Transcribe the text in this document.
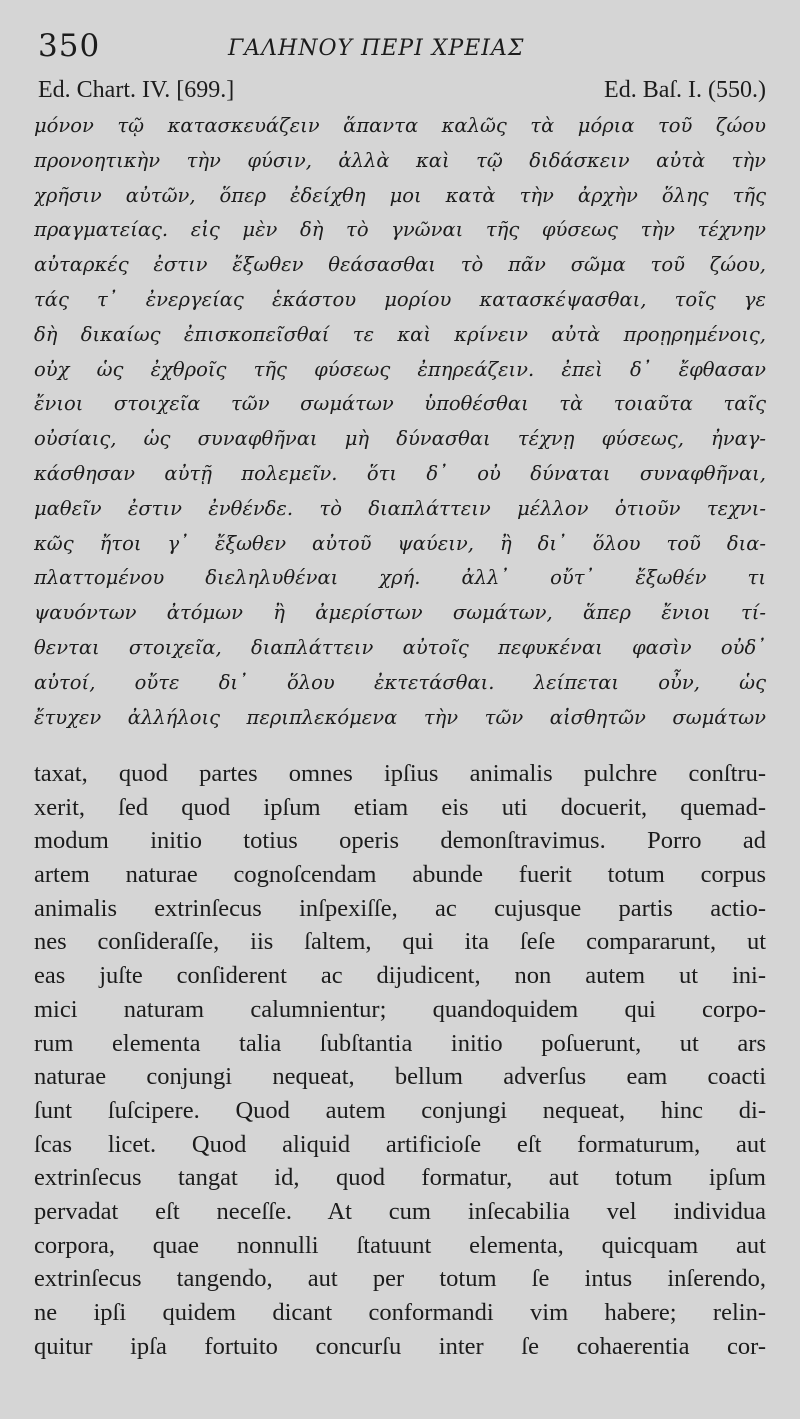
350	ΓΑΛΗΝΟΥ ΠΕΡΙ ΧΡΕΙΑΣ
Ed. Chart. IV. [699.]	Ed. Baſ. I. (550.)
μόνον τῷ κατασκευάζειν ἅπαντα καλῶς τὰ μόρια τοῦ ζώου
προνοητικὴν τὴν φύσιν, ἀλλὰ καὶ τῷ διδάσκειν αὐτὰ τὴν
χρῆσιν αὐτῶν, ὅπερ ἐδείχθη μοι κατὰ τὴν ἀρχὴν ὅλης τῆς
πραγματείας. εἰς μὲν δὴ τὸ γνῶναι τῆς φύσεως τὴν τέχνην
αὐταρκές ἐστιν ἔξωθεν θεάσασθαι τὸ πᾶν σῶμα τοῦ ζώου,
τάς τ᾽ ἐνεργείας ἑκάστου μορίου κατασκέψασθαι, τοῖς γε
δὴ δικαίως ἐπισκοπεῖσθαί τε καὶ κρίνειν αὐτὰ προῃρημένοις,
οὐχ ὡς ἐχθροῖς τῆς φύσεως ἐπηρεάζειν. ἐπεὶ δ᾽ ἔφθασαν
ἔνιοι στοιχεῖα τῶν σωμάτων ὑποθέσθαι τὰ τοιαῦτα ταῖς
οὐσίαις, ὡς συναφθῆναι μὴ δύνασθαι τέχνῃ φύσεως, ἠναγ-
κάσθησαν αὐτῇ πολεμεῖν. ὅτι δ᾽ οὐ δύναται συναφθῆναι,
μαθεῖν ἐστιν ἐνθένδε. τὸ διαπλάττειν μέλλον ὁτιοῦν τεχνι-
κῶς ἤτοι γ᾽ ἔξωθεν αὐτοῦ ψαύειν, ἢ δι᾽ ὅλου τοῦ δια-
πλαττομένου διεληλυθέναι χρή. ἀλλ᾽ οὔτ᾽ ἔξωθέν τι
ψαυόντων ἀτόμων ἢ ἀμερίστων σωμάτων, ἅπερ ἔνιοι τί-
θενται στοιχεῖα, διαπλάττειν αὐτοῖς πεφυκέναι φασὶν οὐδ᾽
αὐτοί, οὔτε δι᾽ ὅλου ἐκτετάσθαι. λείπεται οὖν, ὡς
ἔτυχεν ἀλλήλοις περιπλεκόμενα τὴν τῶν αἰσθητῶν σωμάτων
taxat, quod partes omnes ipſius animalis pulchre conſtru-
xerit, ſed quod ipſum etiam eis uti docuerit, quemad-
modum initio totius operis demonſtravimus. Porro ad
artem naturae cognoſcendam abunde fuerit totum corpus
animalis extrinſecus inſpexiſſe, ac cujusque partis actio-
nes conſideraſſe, iis ſaltem, qui ita ſeſe compararunt, ut
eas juſte conſiderent ac dijudicent, non autem ut ini-
mici naturam calumnientur; quandoquidem qui corpo-
rum elementa talia ſubſtantia initio poſuerunt, ut ars
naturae conjungi nequeat, bellum adverſus eam coacti
ſunt ſuſcipere. Quod autem conjungi nequeat, hinc di-
ſcas licet. Quod aliquid artificioſe eſt formaturum, aut
extrinſecus tangat id, quod formatur, aut totum ipſum
pervadat eſt neceſſe. At cum inſecabilia vel individua
corpora, quae nonnulli ſtatuunt elementa, quicquam aut
extrinſecus tangendo, aut per totum ſe intus inſerendo,
ne ipſi quidem dicant conformandi vim habere; relin-
quitur ipſa fortuito concurſu inter ſe cohaerentia cor-
